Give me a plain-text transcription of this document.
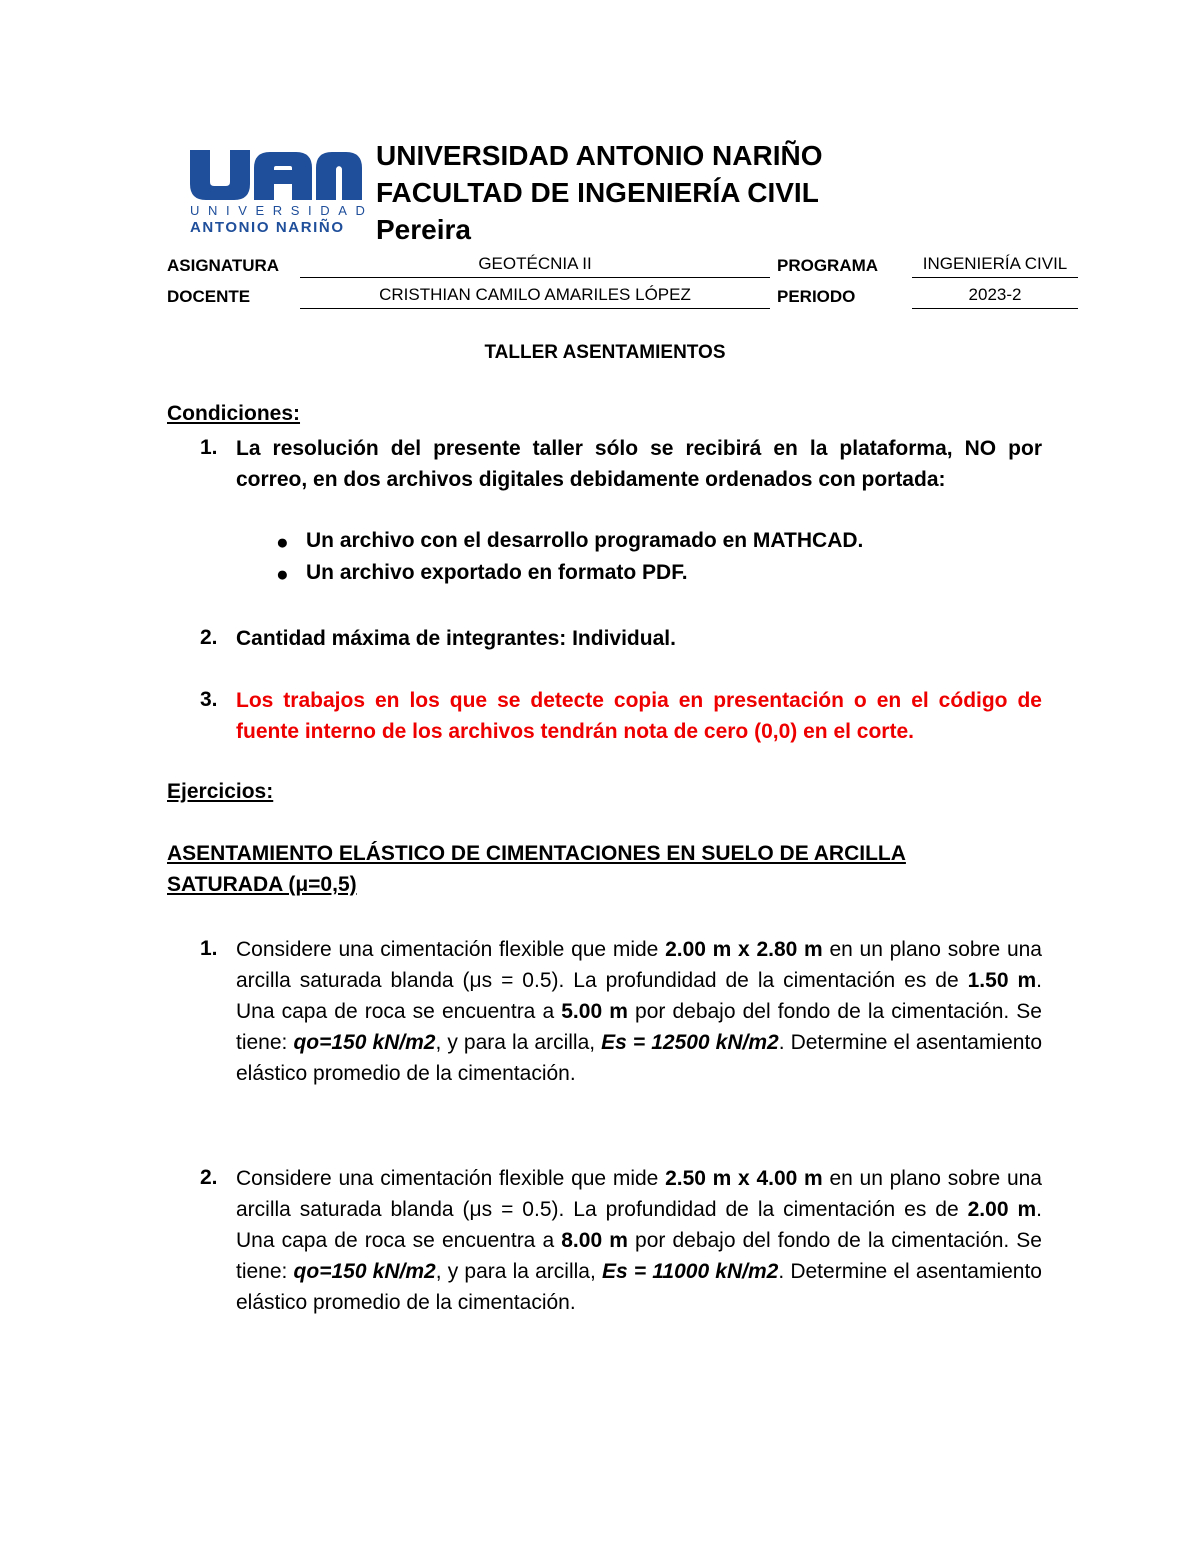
UNIVERSIDAD
ANTONIO NARIÑO
UNIVERSIDAD ANTONIO NARIÑO
FACULTAD DE INGENIERÍA CIVIL
Pereira
ASIGNATURA	GEOTÉCNIA II	PROGRAMA	INGENIERÍA CIVIL
DOCENTE	CRISTHIAN CAMILO AMARILES LÓPEZ	PERIODO	2023-2
TALLER ASENTAMIENTOS
Condiciones:
1. La resolución del presente taller sólo se recibirá en la plataforma, NO por correo, en dos archivos digitales debidamente ordenados con portada:
● Un archivo con el desarrollo programado en MATHCAD.
● Un archivo exportado en formato PDF.
2. Cantidad máxima de integrantes: Individual.
3. Los trabajos en los que se detecte copia en presentación o en el código de fuente interno de los archivos tendrán nota de cero (0,0) en el corte.
Ejercicios:
ASENTAMIENTO ELÁSTICO DE CIMENTACIONES EN SUELO DE ARCILLA
SATURADA (μ=0,5)
1. Considere una cimentación flexible que mide 2.00 m x 2.80 m en un plano sobre una arcilla saturada blanda (μs = 0.5). La profundidad de la cimentación es de 1.50 m. Una capa de roca se encuentra a 5.00 m por debajo del fondo de la cimentación. Se tiene: qo=150 kN/m2, y para la arcilla, Es = 12500 kN/m2. Determine el asentamiento elástico promedio de la cimentación.
2. Considere una cimentación flexible que mide 2.50 m x 4.00 m en un plano sobre una arcilla saturada blanda (μs = 0.5). La profundidad de la cimentación es de 2.00 m. Una capa de roca se encuentra a 8.00 m por debajo del fondo de la cimentación. Se tiene: qo=150 kN/m2, y para la arcilla, Es = 11000 kN/m2. Determine el asentamiento elástico promedio de la cimentación.
